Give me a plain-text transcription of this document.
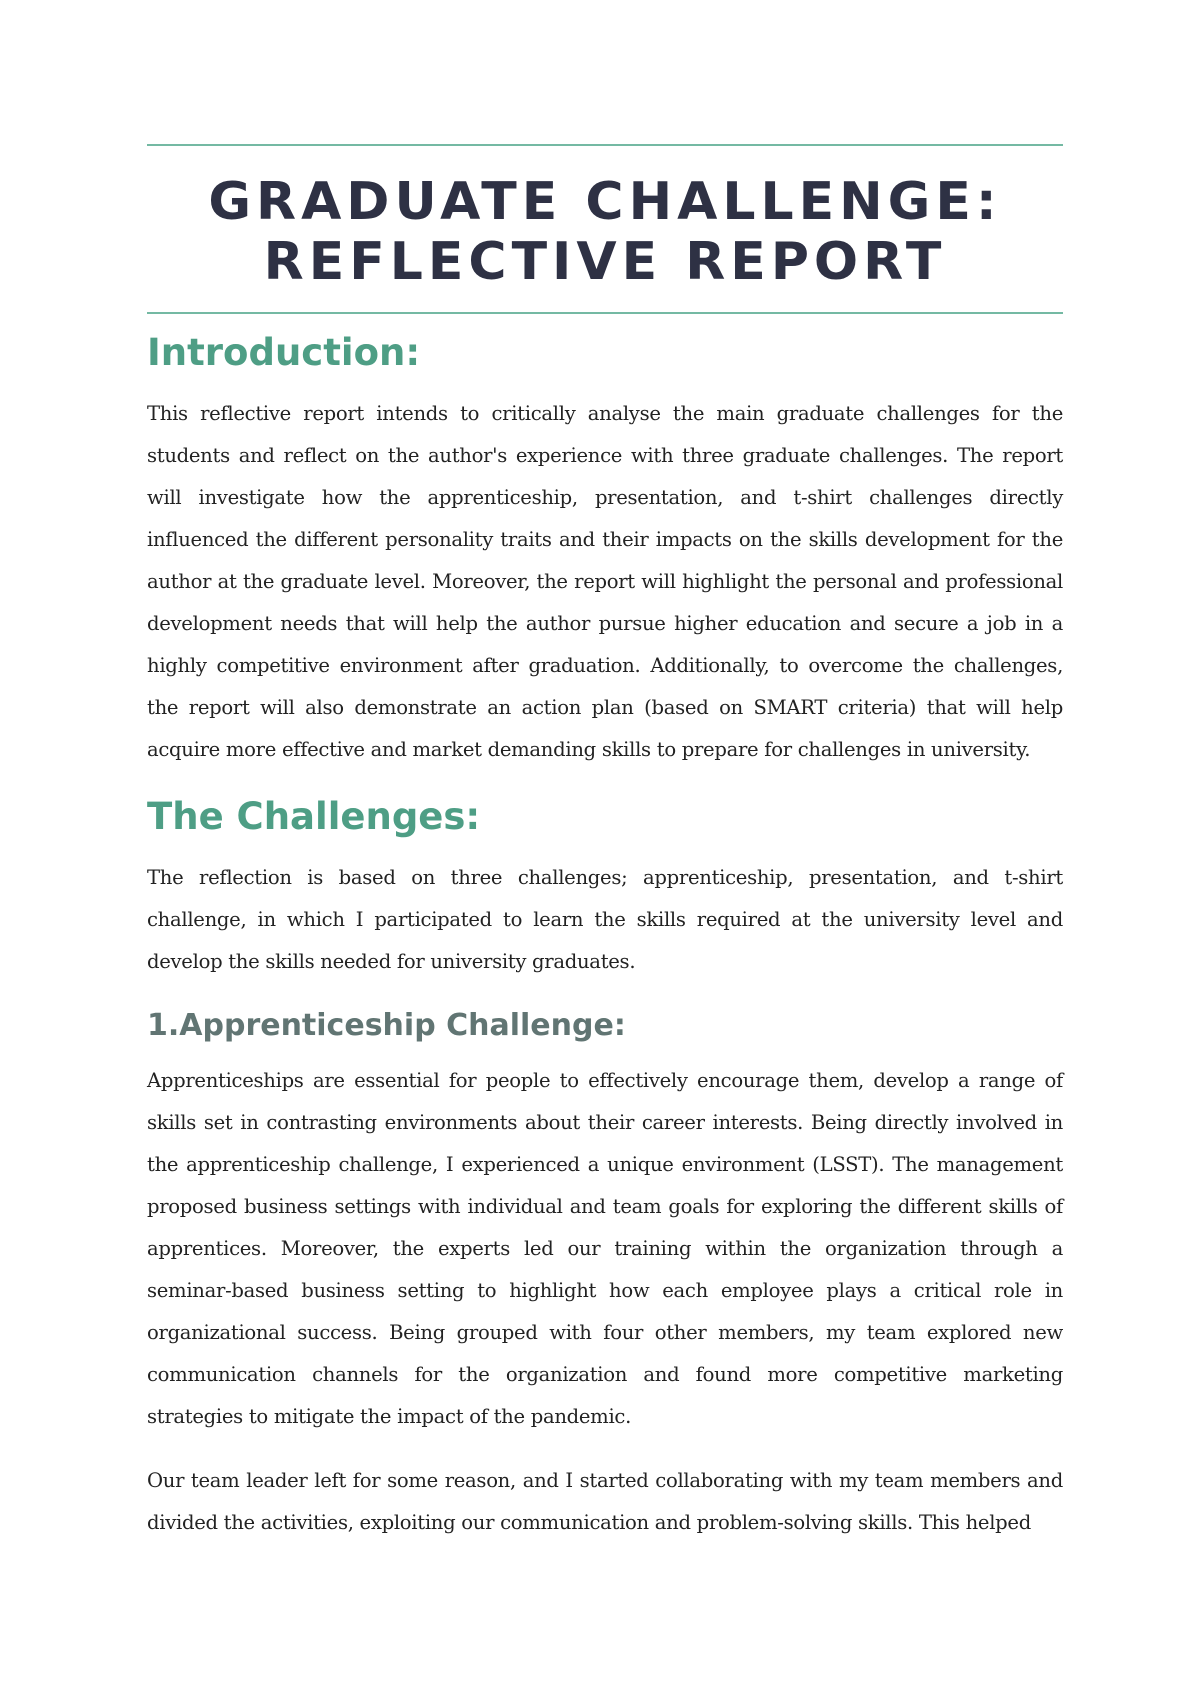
GRADUATE CHALLENGE:
REFLECTIVE REPORT
Introduction:

This reflective report intends to critically analyse the main graduate challenges for the students and reflect on the author's experience with three graduate challenges. The report will investigate how the apprenticeship, presentation, and t-shirt challenges directly influenced the different personality traits and their impacts on the skills development for the author at the graduate level. Moreover, the report will highlight the personal and professional development needs that will help the author pursue higher education and secure a job in a highly competitive environment after graduation. Additionally, to overcome the challenges, the report will also demonstrate an action plan (based on SMART criteria) that will help acquire more effective and market demanding skills to prepare for challenges in university.

The Challenges:

The reflection is based on three challenges; apprenticeship, presentation, and t-shirt challenge, in which I participated to learn the skills required at the university level and develop the skills needed for university graduates.

1.Apprenticeship Challenge:

Apprenticeships are essential for people to effectively encourage them, develop a range of skills set in contrasting environments about their career interests. Being directly involved in the apprenticeship challenge, I experienced a unique environment (LSST). The management proposed business settings with individual and team goals for exploring the different skills of apprentices. Moreover, the experts led our training within the organization through a seminar-based business setting to highlight how each employee plays a critical role in organizational success. Being grouped with four other members, my team explored new communication channels for the organization and found more competitive marketing strategies to mitigate the impact of the pandemic.

Our team leader left for some reason, and I started collaborating with my team members and divided the activities, exploiting our communication and problem-solving skills. This helped
